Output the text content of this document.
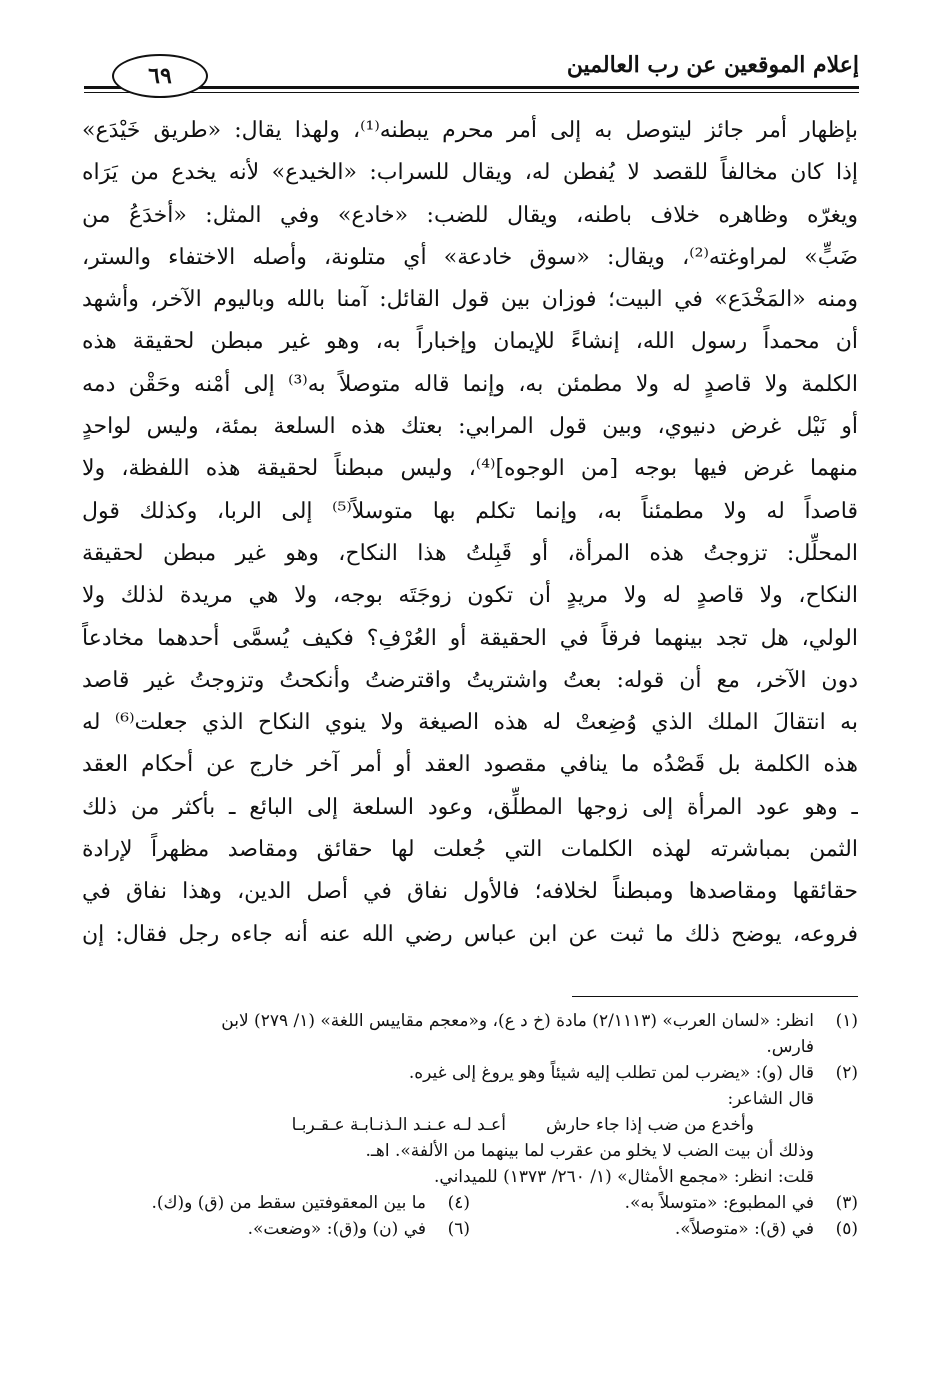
٦٩	إعلام الموقعين عن رب العالمين
بإظهار أمر جائز ليتوصل به إلى أمر محرم يبطنه⁽¹⁾، ولهذا يقال: «طريق خَيْدَع»
إذا كان مخالفاً للقصد لا يُفطن له، ويقال للسراب: «الخيدع» لأنه يخدع من يَرَاه
ويغرّه وظاهره خلاف باطنه، ويقال للضب: «خادع» وفي المثل: «أخدَعُ من
ضَبٍّ» لمراوغته⁽²⁾، ويقال: «سوق خادعة» أي متلونة، وأصله الاختفاء والستر،
ومنه «المَخْدَع» في البيت؛ فوزان بين قول القائل: آمنا بالله وباليوم الآخر، وأشهد
أن محمداً رسول الله، إنشاءً للإيمان وإخباراً به، وهو غير مبطن لحقيقة هذه
الكلمة ولا قاصدٍ له ولا مطمئن به، وإنما قاله متوصلاً به⁽³⁾ إلى أمْنه وحَقْن دمه
أو نَيْل غرض دنيوي، وبين قول المرابي: بعتك هذه السلعة بمئة، وليس لواحدٍ
منهما غرض فيها بوجه [من الوجوه]⁽⁴⁾، وليس مبطناً لحقيقة هذه اللفظة، ولا
قاصداً له ولا مطمئناً به، وإنما تكلم بها متوسلاً⁽⁵⁾ إلى الربا، وكذلك قول
المحلِّل: تزوجتُ هذه المرأة، أو قَبِلتُ هذا النكاح، وهو غير مبطن لحقيقة
النكاح، ولا قاصدٍ له ولا مريدٍ أن تكون زوجَتَه بوجه، ولا هي مريدة لذلك ولا
الولي، هل تجد بينهما فرقاً في الحقيقة أو العُرْفِ؟ فكيف يُسمَّى أحدهما مخادعاً
دون الآخر، مع أن قوله: بعتُ واشتريتُ واقترضتُ وأنكحتُ وتزوجتُ غير قاصد
به انتقالَ الملك الذي وُضِعتْ له هذه الصيغة ولا ينوي النكاح الذي جعلت⁽⁶⁾ له
هذه الكلمة بل قَصْدُه ما ينافي مقصود العقد أو أمر آخر خارج عن أحكام العقد
ـ وهو عود المرأة إلى زوجها المطلِّق، وعود السلعة إلى البائع ـ بأكثر من ذلك
الثمن بمباشرته لهذه الكلمات التي جُعلت لها حقائق ومقاصد مظهراً لإرادة
حقائقها ومقاصدها ومبطناً لخلافه؛ فالأول نفاق في أصل الدين، وهذا نفاق في
فروعه، يوضح ذلك ما ثبت عن ابن عباس رضي الله عنه أنه جاءه رجل فقال: إن
(١)
انظر: «لسان العرب» (٢/١١١٣) مادة (خ د ع)، و«معجم مقاييس اللغة» (١/ ٢٧٩) لابن
فارس.
(٢)
قال (و): «يضرب لمن تطلب إليه شيئاً وهو يروغ إلى غيره.
قال الشاعر:
وأخدع من ضب إذا جاء حارش
أعـد لـه عـنـد الـذنـابـة عـقـربـا
وذلك أن بيت الضب لا يخلو من عقرب لما بينهما من الألفة». اهـ.
قلت: انظر: «مجمع الأمثال» (١/ ٢٦٠/ ١٣٧٣) للميداني.
(٣)
في المطبوع: «متوسلاً به».
(٤)
ما بين المعقوفتين سقط من (ق) و(ك).
(٥)
في (ق): «متوصلاً».
(٦)
في (ن) و(ق): «وضعت».
